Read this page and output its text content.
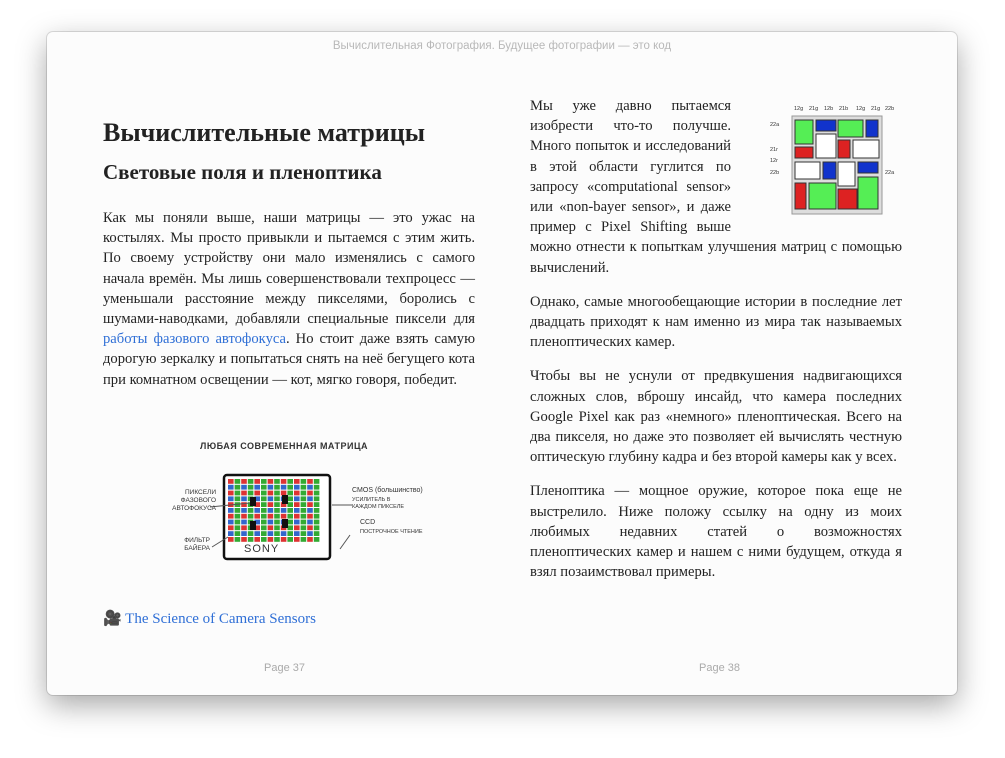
Вычислительная Фотография. Будущее фотографии — это код
Вычислительные матрицы
Световые поля и пленоптика
Как мы поняли выше, наши матрицы — это ужас на костылях. Мы просто привыкли и пытаемся с этим жить. По своему устройству они мало изменялись с самого начала времён. Мы лишь совершенствовали техпроцесс — уменьшали расстояние между пикселями, боролись с шумами-наводками, добавляли специальные пиксели для работы фазового автофокуса. Но стоит даже взять самую дорогую зеркалку и попытаться снять на неё бегущего кота при комнатном освещении — кот, мягко говоря, победит.
ЛЮБАЯ СОВРЕМЕННАЯ МАТРИЦА
SONY
ПИКСЕЛИ ФАЗОВОГО АВТОФОКУСА
ФИЛЬТР БАЙЕРА
CMOS (большинство)
УСИЛИТЕЛЬ В КАЖДОМ ПИКСЕЛЕ
CCD
ПОСТРОЧНОЕ ЧТЕНИЕ
🎥 The Science of Camera Sensors
Page 37
12g 21g 12b 21b 12g 21g 22b
22a
21r
12r
22b	22a

Мы уже давно пытаемся изобрести что-то получше. Много попыток и исследований в этой области гуглится по запросу «computational sensor» или «non-bayer sensor», и даже пример с Pixel Shifting выше можно отнести к попыткам улучшения матриц с помощью вычислений.

Однако, самые многообещающие истории в последние лет двадцать приходят к нам именно из мира так называемых пленоптических камер.

Чтобы вы не уснули от предвкушения надвигающихся сложных слов, вброшу инсайд, что камера последних Google Pixel как раз «немного» пленоптическая. Всего на два пикселя, но даже это позволяет ей вычислять честную оптическую глубину кадра и без второй камеры как у всех.

Пленоптика — мощное оружие, которое пока еще не выстрелило. Ниже положу ссылку на одну из моих любимых недавних статей о возможностях пленоптических камер и нашем с ними будущем, откуда я взял позаимствовал примеры.

Page 38
